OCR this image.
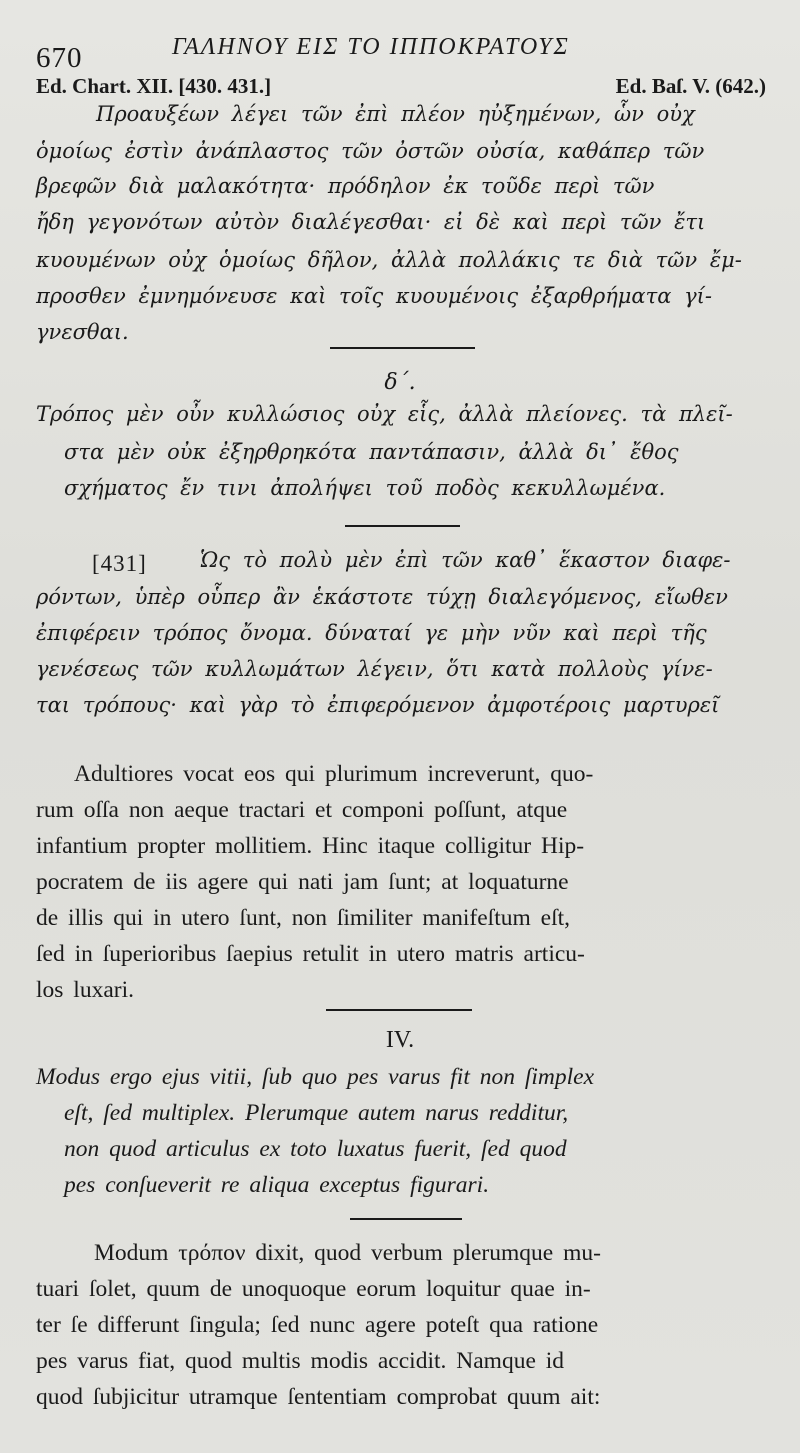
670	ΓΑΛΗΝΟΥ ΕΙΣ ΤΟ ΙΠΠΟΚΡΑΤΟΥΣ
Ed. Chart. XII. [430. 431.]	Ed. Baſ. V. (642.)
Προαυξέων λέγει τῶν ἐπὶ πλέον ηὐξημένων, ὧν οὐχ
ὁμοίως ἐστὶν ἀνάπλαστος τῶν ὀστῶν οὐσία, καθάπερ τῶν
βρεφῶν διὰ μαλακότητα· πρόδηλον ἐκ τοῦδε περὶ τῶν
ἤδη γεγονότων αὐτὸν διαλέγεσθαι· εἰ δὲ καὶ περὶ τῶν ἔτι
κυουμένων οὐχ ὁμοίως δῆλον, ἀλλὰ πολλάκις τε διὰ τῶν ἔμ-
προσθεν ἐμνημόνευσε καὶ τοῖς κυουμένοις ἐξαρθρήματα γί-
γνεσθαι.
δ΄.
Τρόπος μὲν οὖν κυλλώσιος οὐχ εἷς, ἀλλὰ πλείονες. τὰ πλεῖ-
στα μὲν οὐκ ἐξηρθρηκότα παντάπασιν, ἀλλὰ δι᾽ ἔθος
σχήματος ἔν τινι ἀπολήψει τοῦ ποδὸς κεκυλλωμένα.
[431]	Ὡς τὸ πολὺ μὲν ἐπὶ τῶν καθ᾽ ἕκαστον διαφε-
ρόντων, ὑπὲρ οὗπερ ἂν ἑκάστοτε τύχῃ διαλεγόμενος, εἴωθεν
ἐπιφέρειν τρόπος ὄνομα. δύναταί γε μὴν νῦν καὶ περὶ τῆς
γενέσεως τῶν κυλλωμάτων λέγειν, ὅτι κατὰ πολλοὺς γίνε-
ται τρόπους· καὶ γὰρ τὸ ἐπιφερόμενον ἀμφοτέροις μαρτυρεῖ
Adultiores vocat eos qui plurimum increverunt, quo-
rum oſſa non aeque tractari et componi poſſunt, atque
infantium propter mollitiem. Hinc itaque colligitur Hip-
pocratem de iis agere qui nati jam ſunt; at loquaturne
de illis qui in utero ſunt, non ſimiliter manifeſtum eſt,
ſed in ſuperioribus ſaepius retulit in utero matris articu-
los luxari.
IV.
Modus ergo ejus vitii, ſub quo pes varus fit non ſimplex
eſt, ſed multiplex. Plerumque autem narus redditur,
non quod articulus ex toto luxatus fuerit, ſed quod
pes conſueverit re aliqua exceptus figurari.
Modum τρόπον dixit, quod verbum plerumque mu-
tuari ſolet, quum de unoquoque eorum loquitur quae in-
ter ſe differunt ſingula; ſed nunc agere poteſt qua ratione
pes varus fiat, quod multis modis accidit. Namque id
quod ſubjicitur utramque ſententiam comprobat quum ait:
